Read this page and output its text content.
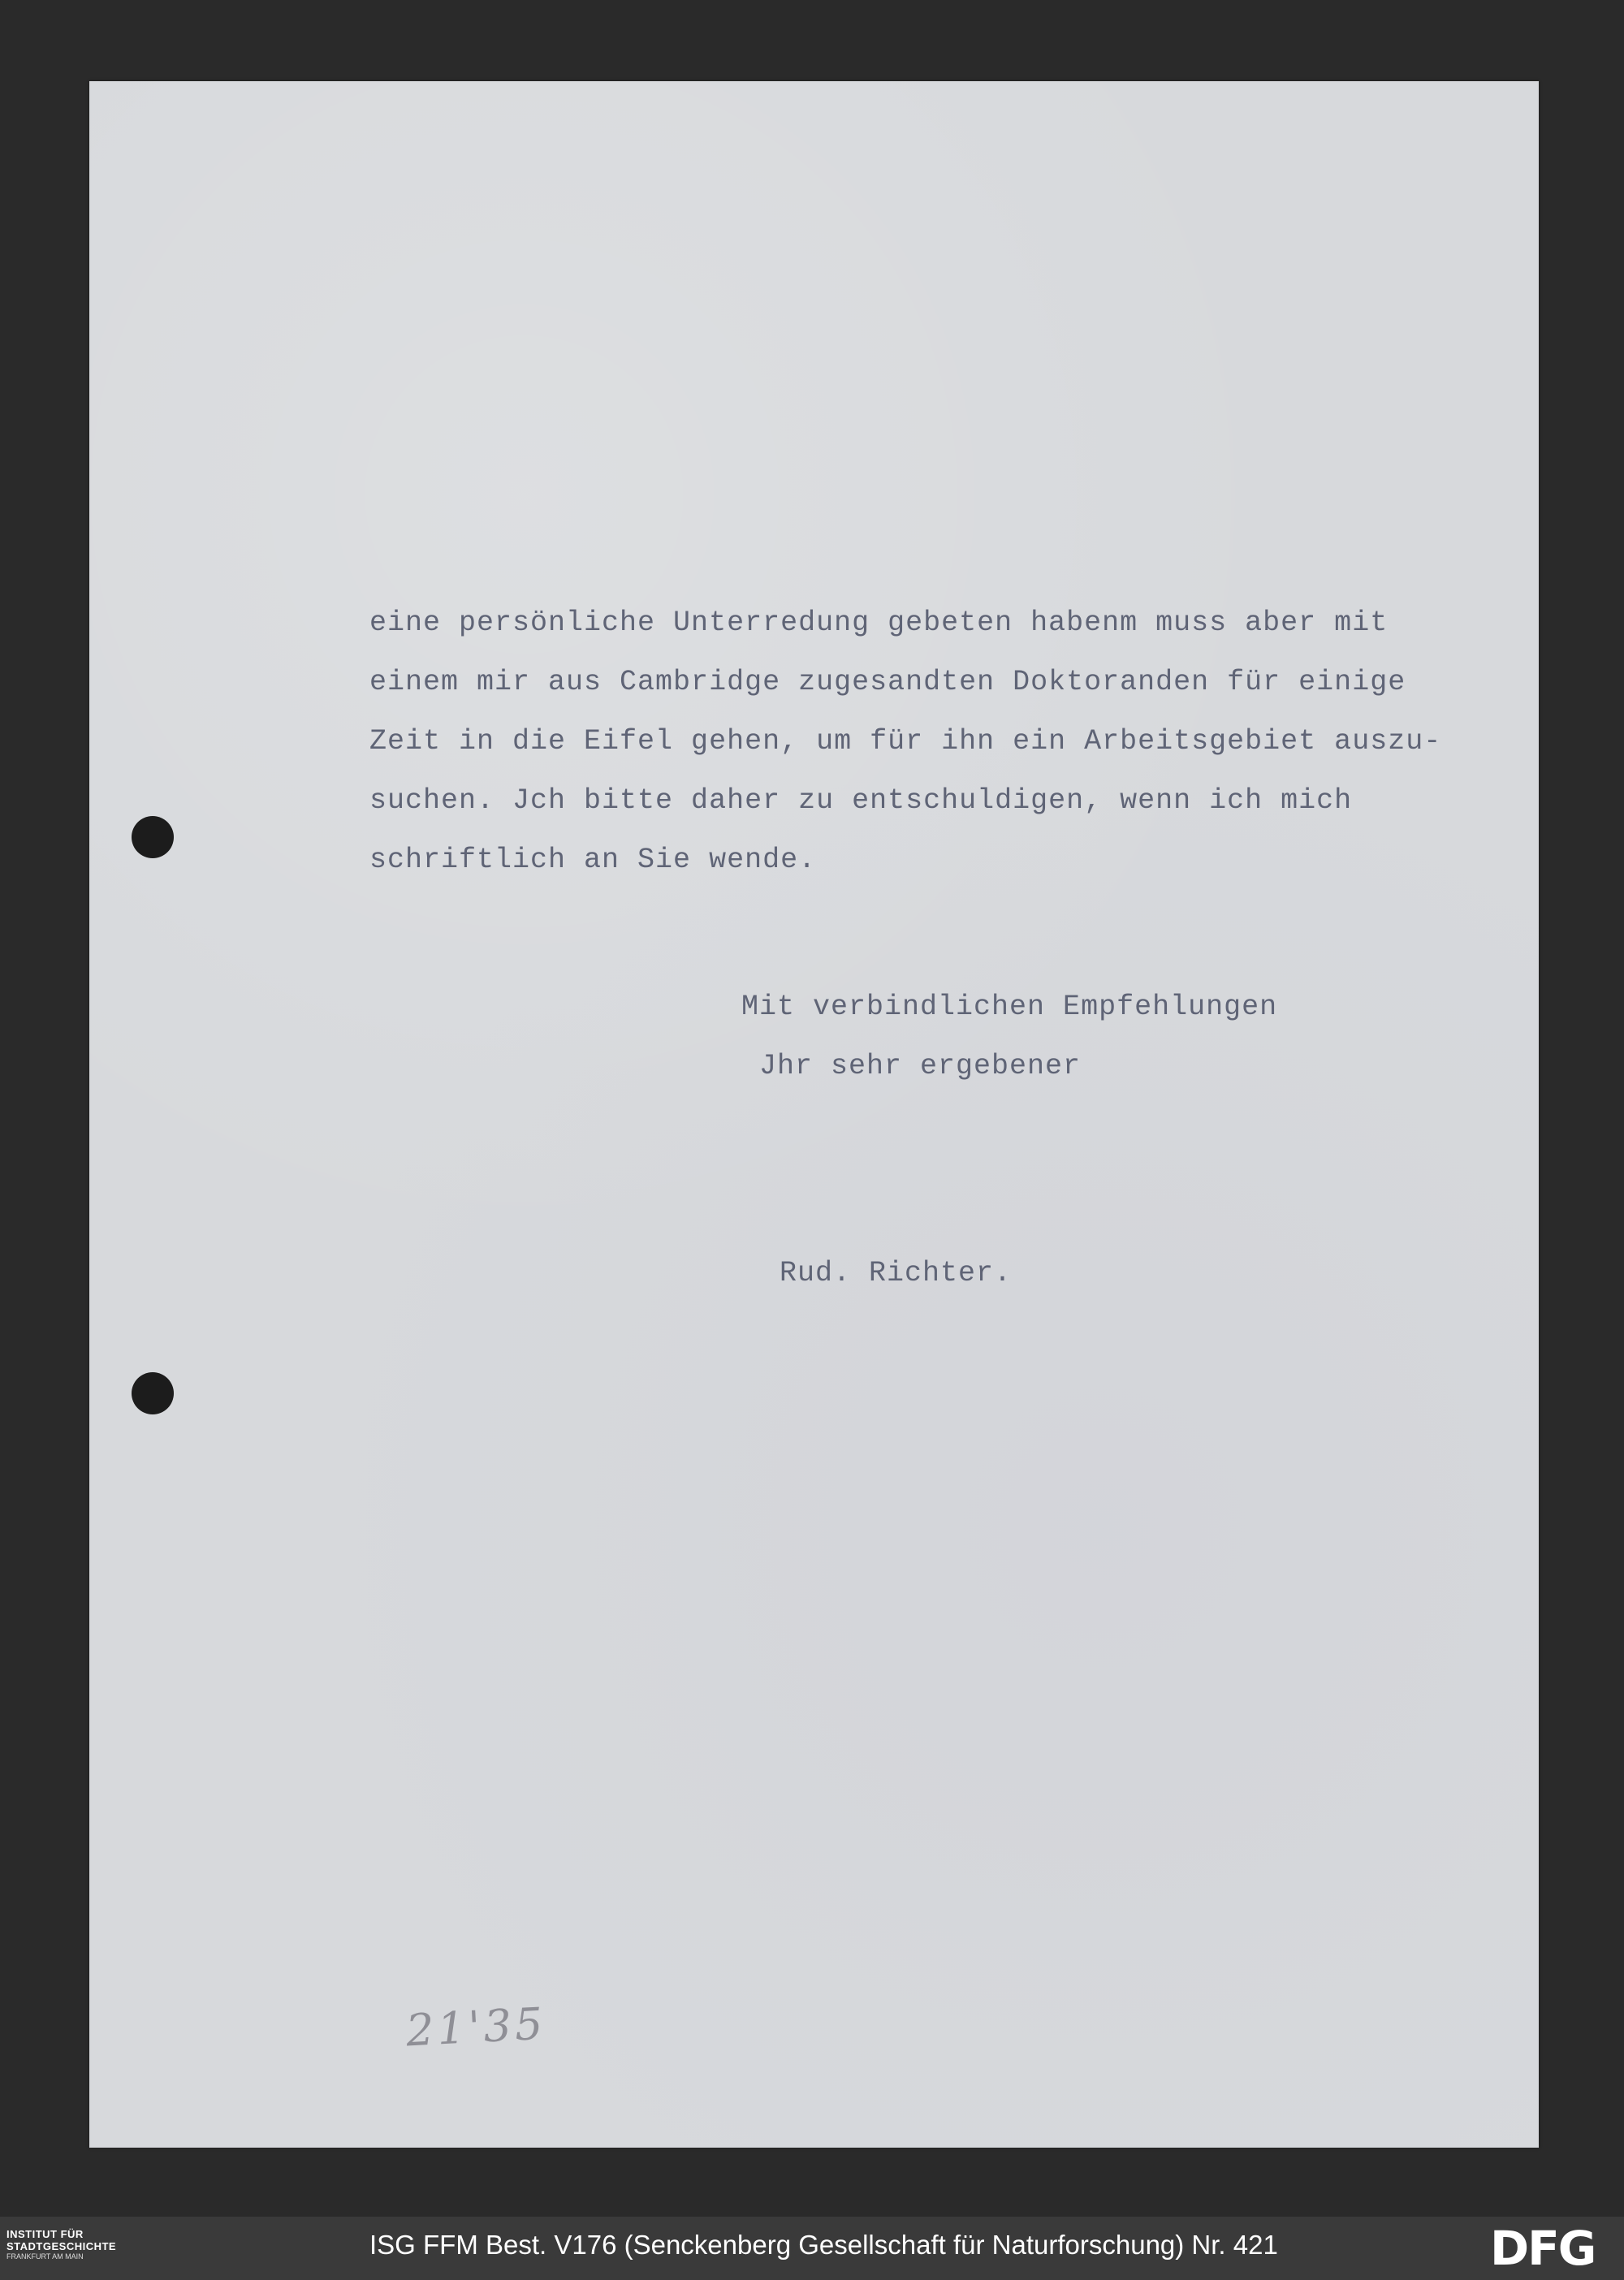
eine persönliche Unterredung gebeten habenm muss aber mit
einem mir aus Cambridge zugesandten Doktoranden für einige
Zeit in die Eifel gehen, um für ihn ein Arbeitsgebiet auszu-
suchen. Jch bitte daher zu entschuldigen, wenn ich mich
schriftlich an Sie wende.
Mit verbindlichen Empfehlungen
Jhr sehr ergebener
Rud. Richter.
21'35
INSTITUT FÜR
STADTGESCHICHTE
FRANKFURT AM MAIN	ISG FFM Best. V176 (Senckenberg Gesellschaft für Naturforschung) Nr. 421	DFG
